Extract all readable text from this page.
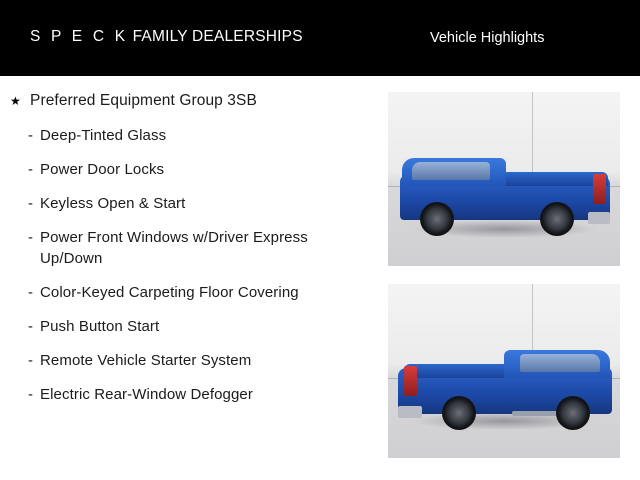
S P E C K FAMILY DEALERSHIPS	Vehicle Highlights
★ Preferred Equipment Group 3SB
- Deep-Tinted Glass
- Power Door Locks
- Keyless Open & Start
- Power Front Windows w/Driver Express Up/Down
- Color-Keyed Carpeting Floor Covering
- Push Button Start
- Remote Vehicle Starter System
- Electric Rear-Window Defogger
